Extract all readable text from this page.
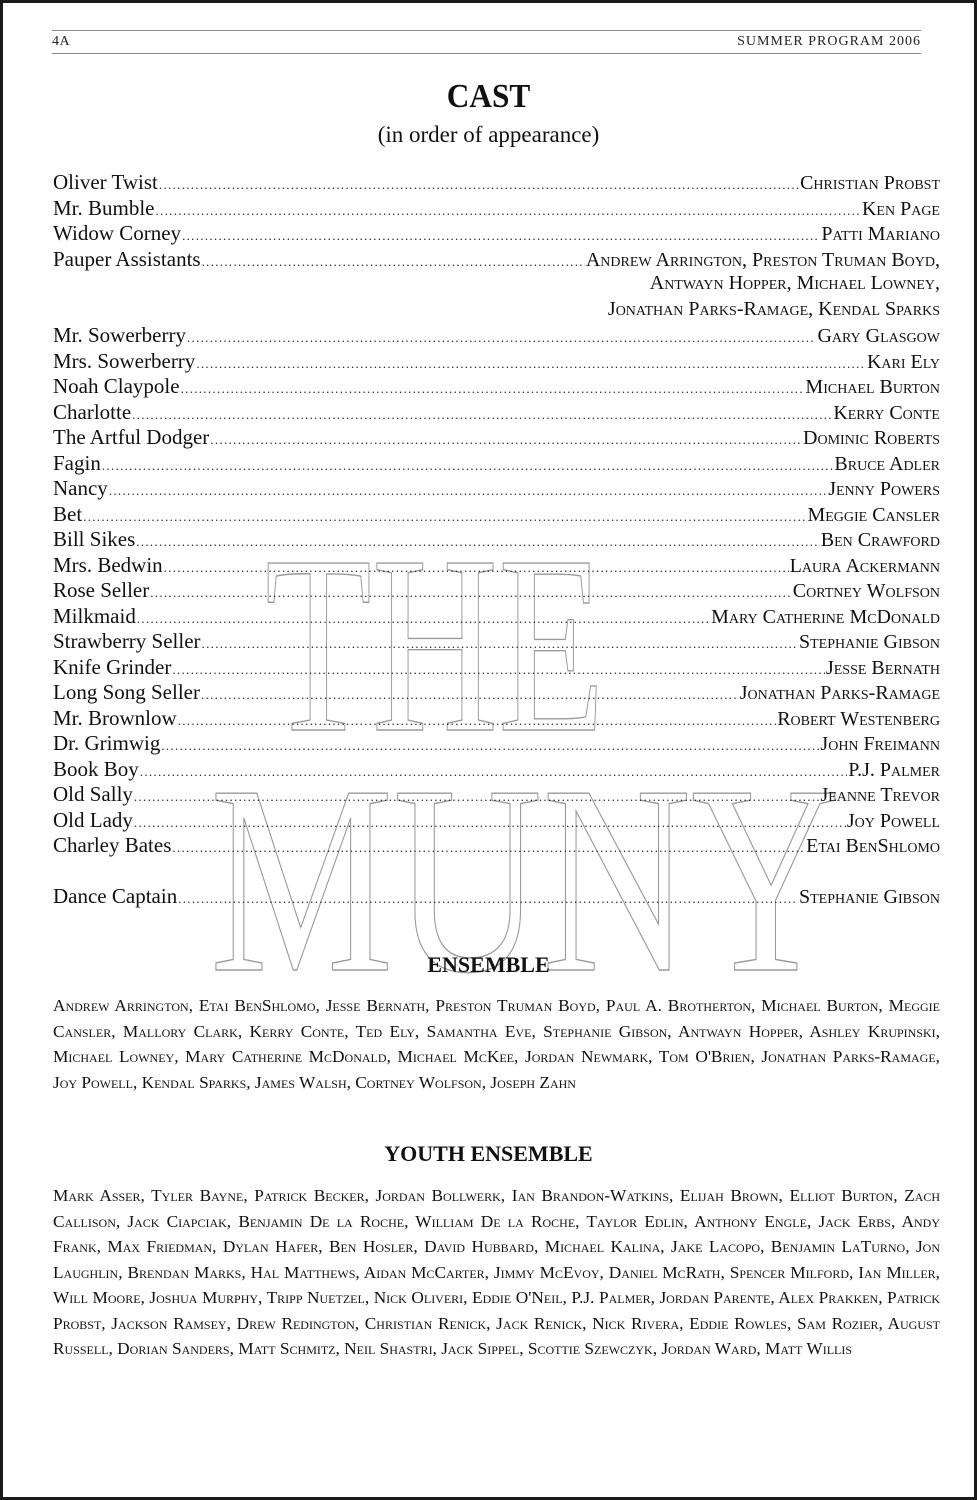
4A	SUMMER PROGRAM 2006
CAST
(in order of appearance)
THE
MUNY
Oliver Twist .....	Christian Probst
Mr. Bumble .....	Ken Page
Widow Corney .....	Patti Mariano
Pauper Assistants .....	Andrew Arrington, Preston Truman Boyd,
Antwayn Hopper, Michael Lowney,
Jonathan Parks-Ramage, Kendal Sparks
Mr. Sowerberry .....	Gary Glasgow
Mrs. Sowerberry .....	Kari Ely
Noah Claypole .....	Michael Burton
Charlotte .....	Kerry Conte
The Artful Dodger .....	Dominic Roberts
Fagin .....	Bruce Adler
Nancy .....	Jenny Powers
Bet .....	Meggie Cansler
Bill Sikes .....	Ben Crawford
Mrs. Bedwin .....	Laura Ackermann
Rose Seller .....	Cortney Wolfson
Milkmaid .....	Mary Catherine McDonald
Strawberry Seller .....	Stephanie Gibson
Knife Grinder .....	Jesse Bernath
Long Song Seller .....	Jonathan Parks-Ramage
Mr. Brownlow .....	Robert Westenberg
Dr. Grimwig .....	John Freimann
Book Boy .....	P.J. Palmer
Old Sally .....	Jeanne Trevor
Old Lady .....	Joy Powell
Charley Bates .....	Etai BenShlomo
Dance Captain .....	Stephanie Gibson
ENSEMBLE
Andrew Arrington, Etai BenShlomo, Jesse Bernath, Preston Truman Boyd, Paul A. Brotherton, Michael Burton, Meggie Cansler, Mallory Clark, Kerry Conte, Ted Ely, Samantha Eve, Stephanie Gibson, Antwayn Hopper, Ashley Krupinski, Michael Lowney, Mary Catherine McDonald, Michael McKee, Jordan Newmark, Tom O'Brien, Jonathan Parks-Ramage, Joy Powell, Kendal Sparks, James Walsh, Cortney Wolfson, Joseph Zahn
YOUTH ENSEMBLE
Mark Asser, Tyler Bayne, Patrick Becker, Jordan Bollwerk, Ian Brandon-Watkins, Elijah Brown, Elliot Burton, Zach Callison, Jack Ciapciak, Benjamin De la Roche, William De la Roche, Taylor Edlin, Anthony Engle, Jack Erbs, Andy Frank, Max Friedman, Dylan Hafer, Ben Hosler, David Hubbard, Michael Kalina, Jake Lacopo, Benjamin LaTurno, Jon Laughlin, Brendan Marks, Hal Matthews, Aidan McCarter, Jimmy McEvoy, Daniel McRath, Spencer Milford, Ian Miller, Will Moore, Joshua Murphy, Tripp Nuetzel, Nick Oliveri, Eddie O'Neil, P.J. Palmer, Jordan Parente, Alex Prakken, Patrick Probst, Jackson Ramsey, Drew Redington, Christian Renick, Jack Renick, Nick Rivera, Eddie Rowles, Sam Rozier, August Russell, Dorian Sanders, Matt Schmitz, Neil Shastri, Jack Sippel, Scottie Szewczyk, Jordan Ward, Matt Willis
